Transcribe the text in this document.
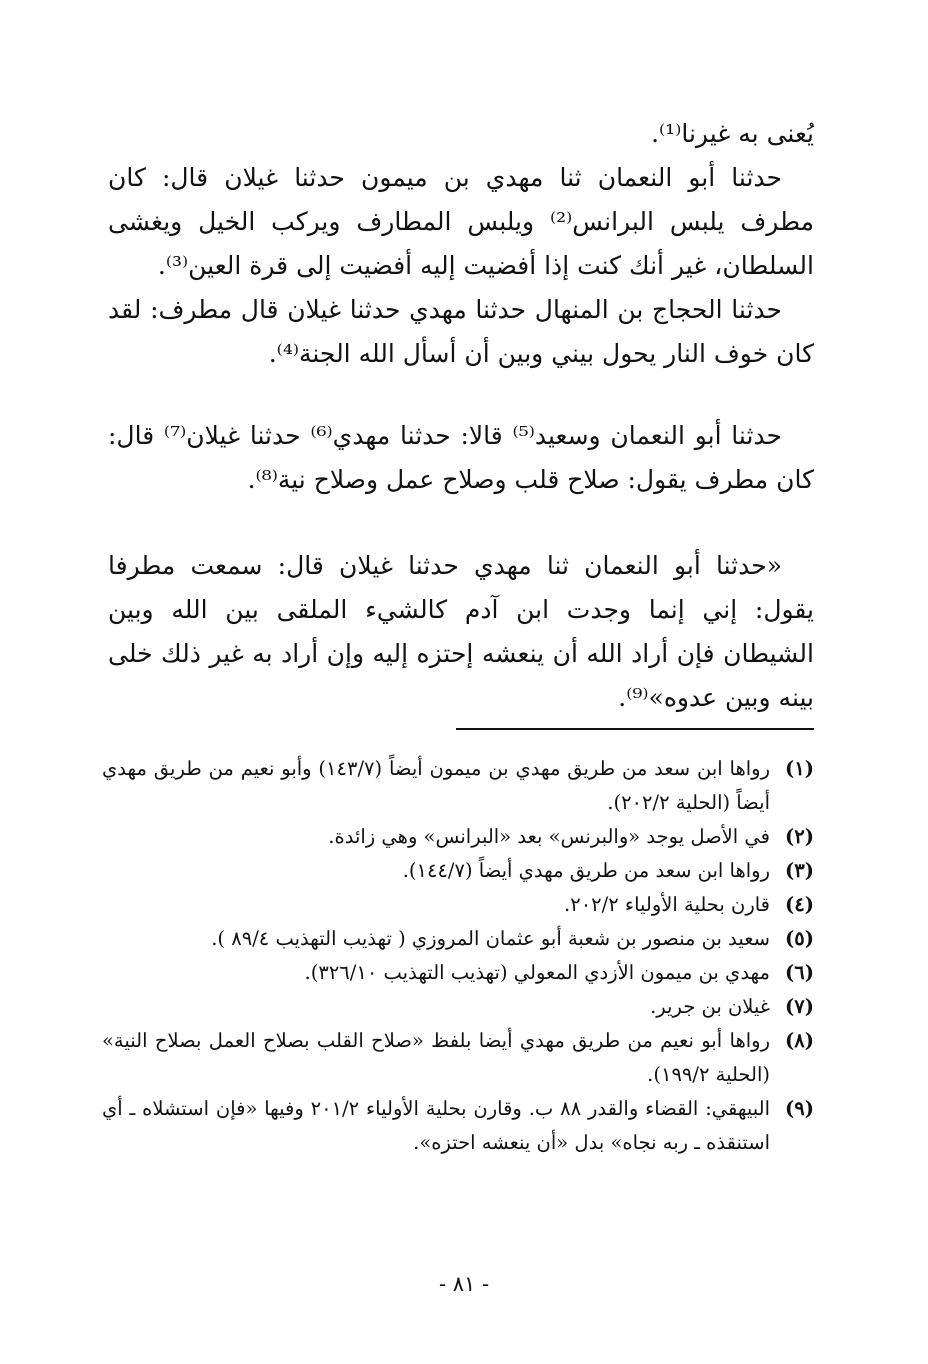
يُعنى به غيرنا⁽¹⁾.

حدثنا أبو النعمان ثنا مهدي بن ميمون حدثنا غيلان قال: كان مطرف يلبس البرانس⁽²⁾ ويلبس المطارف ويركب الخيل ويغشى السلطان، غير أنك كنت إذا أفضيت إليه أفضيت إلى قرة العين⁽³⁾.

حدثنا الحجاج بن المنهال حدثنا مهدي حدثنا غيلان قال مطرف: لقد كان خوف النار يحول بيني وبين أن أسأل الله الجنة⁽⁴⁾.

حدثنا أبو النعمان وسعيد⁽⁵⁾ قالا: حدثنا مهدي⁽⁶⁾ حدثنا غيلان⁽⁷⁾ قال: كان مطرف يقول: صلاح قلب وصلاح عمل وصلاح نية⁽⁸⁾.

«حدثنا أبو النعمان ثنا مهدي حدثنا غيلان قال: سمعت مطرفا يقول: إني إنما وجدت ابن آدم كالشيء الملقى بين الله وبين الشيطان فإن أراد الله أن ينعشه إحتزه إليه وإن أراد به غير ذلك خلى بينه وبين عدوه»⁽⁹⁾.

(١)
رواها ابن سعد من طريق مهدي بن ميمون أيضاً (١٤٣/٧) وأبو نعيم من طريق مهدي أيضاً (الحلية ٢٠٢/٢).
(٢)
في الأصل يوجد «والبرنس» بعد «البرانس» وهي زائدة.
(٣)
رواها ابن سعد من طريق مهدي أيضاً (١٤٤/٧).
(٤)
قارن بحلية الأولياء ٢٠٢/٢.
(٥)
سعيد بن منصور بن شعبة أبو عثمان المروزي ( تهذيب التهذيب ٨٩/٤ ).
(٦)
مهدي بن ميمون الأزدي المعولي (تهذيب التهذيب ٣٢٦/١٠).
(٧)
غيلان بن جرير.
(٨)
رواها أبو نعيم من طريق مهدي أيضا بلفظ «صلاح القلب بصلاح العمل بصلاح النية» (الحلية ١٩٩/٢).
(٩)
البيهقي: القضاء والقدر ٨٨ ب. وقارن بحلية الأولياء ٢٠١/٢ وفيها «فإن استشلاه ـ أي استنقذه ـ ربه نجاه» بدل «أن ينعشه احتزه».
- ٨١ -
